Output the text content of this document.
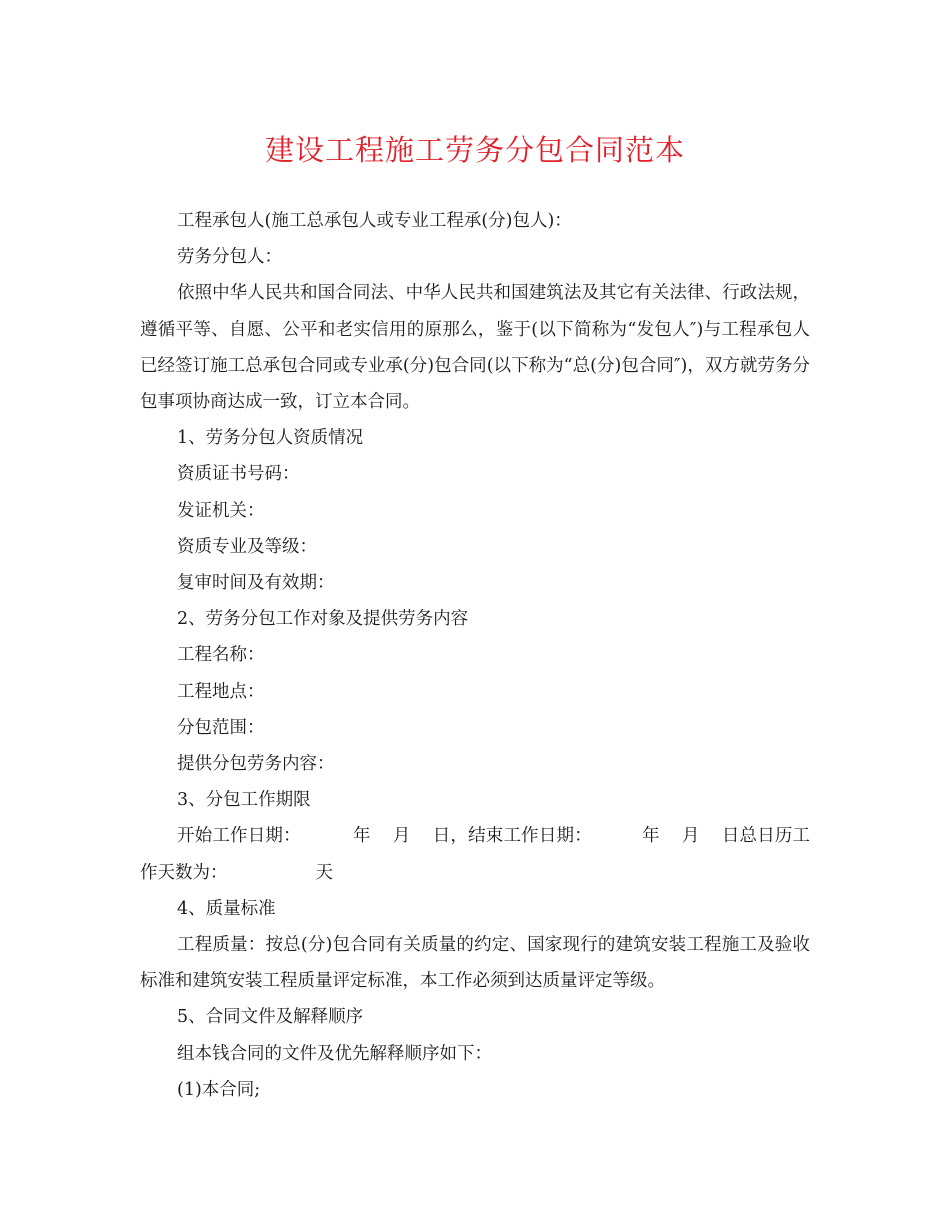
建设工程施工劳务分包合同范本

工程承包人(施工总承包人或专业工程承(分)包人)：

劳务分包人：

依照中华人民共和国合同法、中华人民共和国建筑法及其它有关法律、行政法规，遵循平等、自愿、公平和老实信用的原那么，鉴于(以下简称为“发包人″)与工程承包人已经签订施工总承包合同或专业承(分)包合同(以下称为“总(分)包合同″)，双方就劳务分包事项协商达成一致，订立本合同。

1、劳务分包人资质情况

资质证书号码：

发证机关：

资质专业及等级：

复审时间及有效期：

2、劳务分包工作对象及提供劳务内容

工程名称：

工程地点：

分包范围：

提供分包劳务内容：

3、分包工作期限

开始工作日期：	年 月 日，结束工作日期：	年 月 日总日历工作天数为：	天

4、质量标准

工程质量：按总(分)包合同有关质量的约定、国家现行的建筑安装工程施工及验收标准和建筑安装工程质量评定标准，本工作必须到达质量评定等级。

5、合同文件及解释顺序

组本钱合同的文件及优先解释顺序如下：

(1)本合同;
